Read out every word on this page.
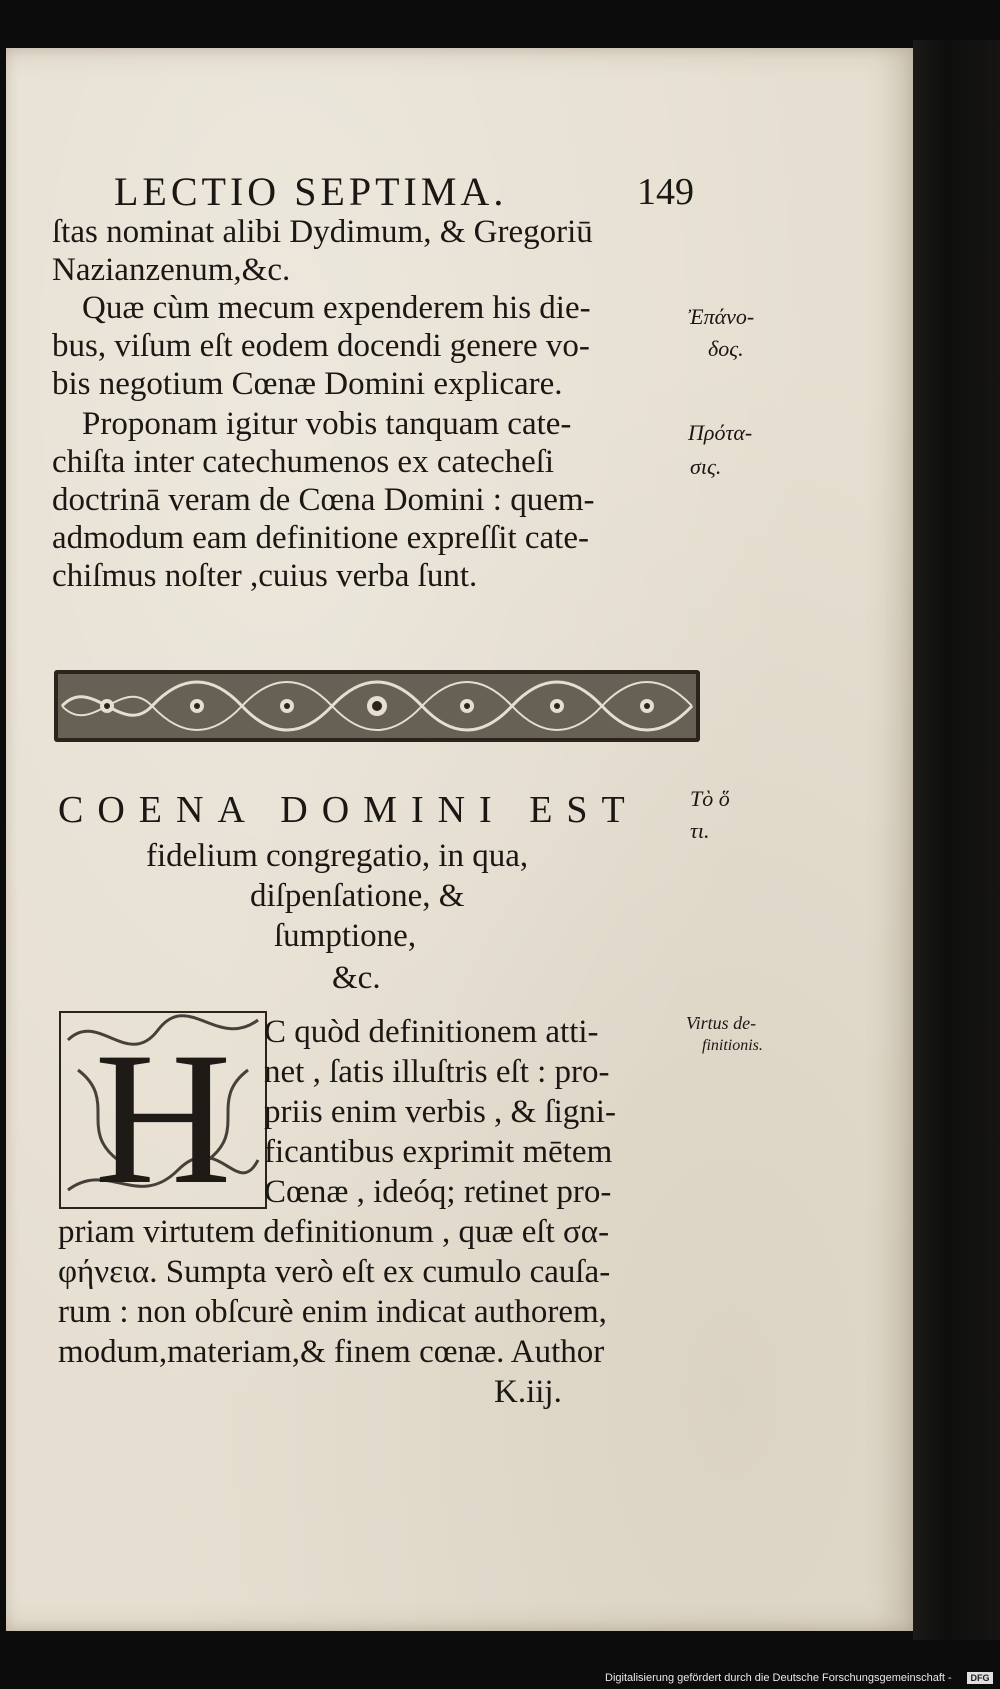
LECTIO SEPTIMA.	149
ſtas nominat alibi Dydimum, & Gregoriū
Nazianzenum,&c.
Quæ cùm mecum expenderem his die-
bus, viſum eſt eodem docendi genere vo-
bis negotium Cœnæ Domini explicare.
Proponam igitur vobis tanquam cate-
chiſta inter catechumenos ex catecheſi
doctrinā veram de Cœna Domini : quem-
admodum eam definitione expreſſit cate-
chiſmus noſter ,cuius verba ſunt.
Ἐπάνο-
δος.
Πρότα-
σις.
Τὸ ὅ
τι.
Virtus de-
finitionis.
COENA DOMINI EST
fidelium congregatio, in qua,
diſpenſatione, &
ſumptione,
&c.
H C quòd definitionem atti-
net , ſatis illuſtris eſt : pro-
priis enim verbis , & ſigni-
ficantibus exprimit mētem
Cœnæ , ideóq; retinet pro-
priam virtutem definitionum , quæ eſt σα-
φήνεια. Sumpta verò eſt ex cumulo cauſa-
rum : non obſcurè enim indicat authorem,
modum,materiam,& finem cœnæ. Author
K.iij.
Digitalisierung gefördert durch die Deutsche Forschungsgemeinschaft -	DFG
